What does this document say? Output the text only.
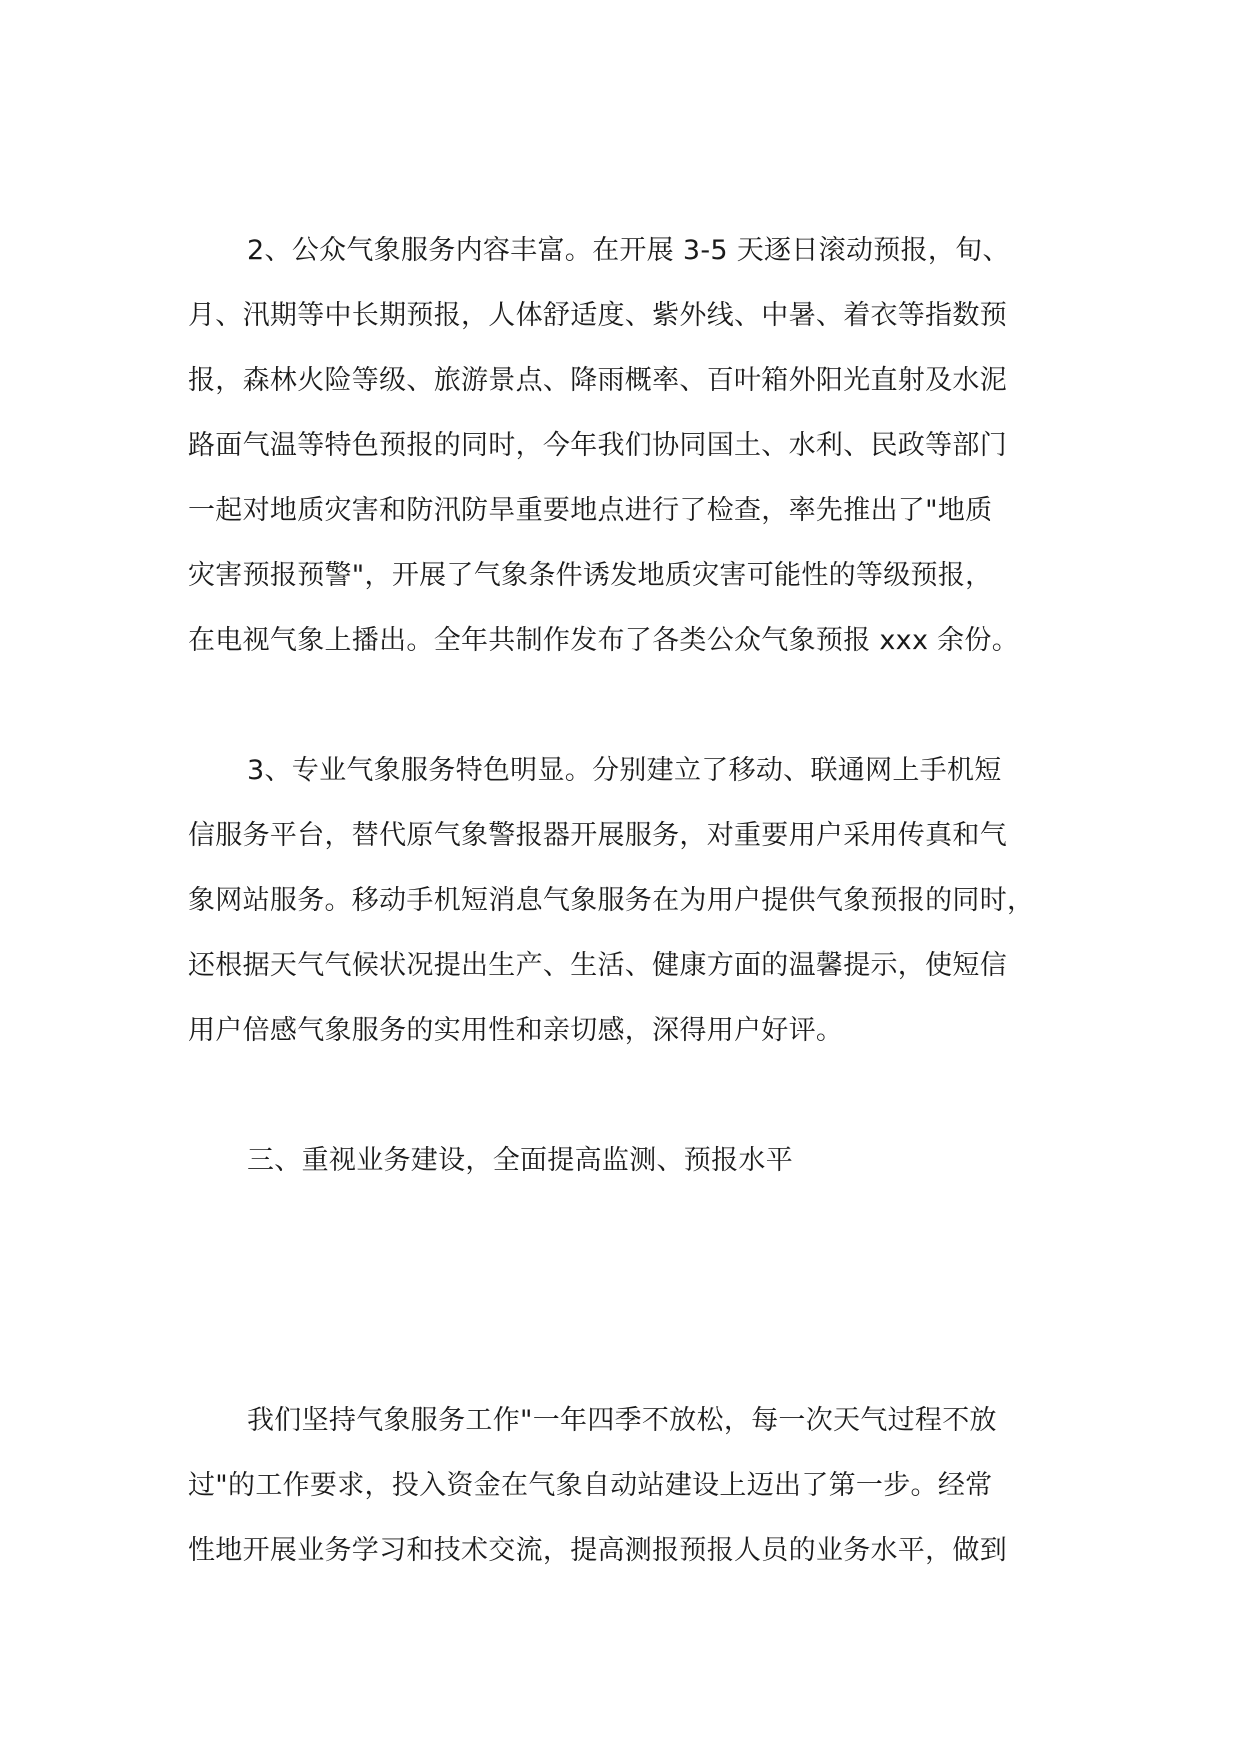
2、公众气象服务内容丰富。在开展 3-5 天逐日滚动预报，旬、
月、汛期等中长期预报，人体舒适度、紫外线、中暑、着衣等指数预
报，森林火险等级、旅游景点、降雨概率、百叶箱外阳光直射及水泥
路面气温等特色预报的同时，今年我们协同国土、水利、民政等部门
一起对地质灾害和防汛防旱重要地点进行了检查，率先推出了"地质
灾害预报预警"，开展了气象条件诱发地质灾害可能性的等级预报，
在电视气象上播出。全年共制作发布了各类公众气象预报 xxx 余份。

3、专业气象服务特色明显。分别建立了移动、联通网上手机短
信服务平台，替代原气象警报器开展服务，对重要用户采用传真和气
象网站服务。移动手机短消息气象服务在为用户提供气象预报的同时，
还根据天气气候状况提出生产、生活、健康方面的温馨提示，使短信
用户倍感气象服务的实用性和亲切感，深得用户好评。

三、重视业务建设，全面提高监测、预报水平

我们坚持气象服务工作"一年四季不放松，每一次天气过程不放
过"的工作要求，投入资金在气象自动站建设上迈出了第一步。经常
性地开展业务学习和技术交流，提高测报预报人员的业务水平，做到
